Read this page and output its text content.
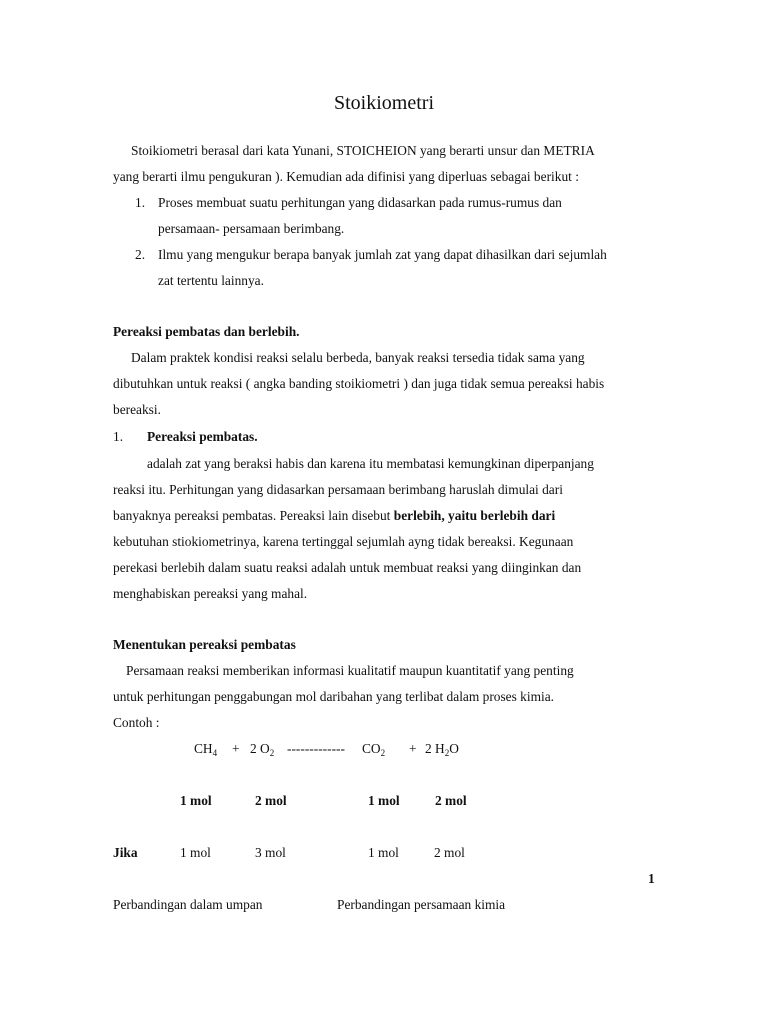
Stoikiometri
Stoikiometri berasal dari kata Yunani, STOICHEION yang berarti unsur dan METRIA
yang berarti ilmu pengukuran ). Kemudian ada difinisi yang diperluas sebagai berikut :
1. Proses membuat suatu perhitungan yang didasarkan pada rumus-rumus dan
persamaan- persamaan berimbang.
2. Ilmu yang mengukur berapa banyak jumlah zat yang dapat dihasilkan dari sejumlah
zat tertentu lainnya.
Pereaksi pembatas dan berlebih.
Dalam praktek kondisi reaksi selalu berbeda, banyak reaksi tersedia tidak sama yang
dibutuhkan untuk reaksi ( angka banding stoikiometri ) dan juga tidak semua pereaksi habis
bereaksi.
1. Pereaksi pembatas.
adalah zat yang beraksi habis dan karena itu membatasi kemungkinan diperpanjang
reaksi itu. Perhitungan yang didasarkan persamaan berimbang haruslah dimulai dari
banyaknya pereaksi pembatas. Pereaksi lain disebut berlebih, yaitu berlebih dari
kebutuhan stiokiometrinya, karena tertinggal sejumlah ayng tidak bereaksi. Kegunaan
perekasi berlebih dalam suatu reaksi adalah untuk membuat reaksi yang diinginkan dan
menghabiskan pereaksi yang mahal.
Menentukan pereaksi pembatas
Persamaan reaksi memberikan informasi kualitatif maupun kuantitatif yang penting
untuk perhitungan penggabungan mol daribahan yang terlibat dalam proses kimia.
Contoh :
$CH_4 + 2$ $O_2$ ------------- $CO_2 + 2$ $H_2O$
1 mol	2 mol	1 mol	2 mol
Jika	1 mol	3 mol	1 mol	2 mol
1
Perbandingan dalam umpan	Perbandingan persamaan kimia
